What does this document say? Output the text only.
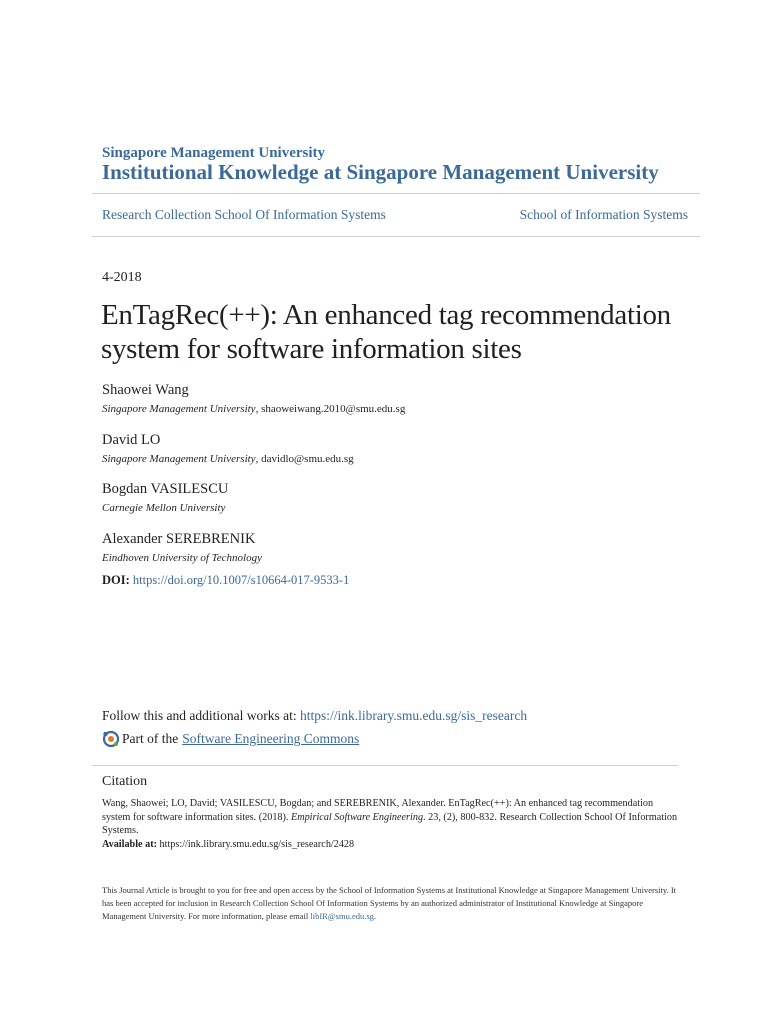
Singapore Management University
Institutional Knowledge at Singapore Management University
Research Collection School Of Information Systems	School of Information Systems
4-2018
EnTagRec(++): An enhanced tag recommendation system for software information sites
Shaowei Wang
Singapore Management University, shaoweiwang.2010@smu.edu.sg
David LO
Singapore Management University, davidlo@smu.edu.sg
Bogdan VASILESCU
Carnegie Mellon University
Alexander SEREBRENIK
Eindhoven University of Technology
DOI: https://doi.org/10.1007/s10664-017-9533-1
Follow this and additional works at: https://ink.library.smu.edu.sg/sis_research
Part of the Software Engineering Commons
Citation
Wang, Shaowei; LO, David; VASILESCU, Bogdan; and SEREBRENIK, Alexander. EnTagRec(++): An enhanced tag recommendation system for software information sites. (2018). Empirical Software Engineering. 23, (2), 800-832. Research Collection School Of Information Systems.
Available at: https://ink.library.smu.edu.sg/sis_research/2428
This Journal Article is brought to you for free and open access by the School of Information Systems at Institutional Knowledge at Singapore Management University. It has been accepted for inclusion in Research Collection School Of Information Systems by an authorized administrator of Institutional Knowledge at Singapore Management University. For more information, please email libIR@smu.edu.sg.
